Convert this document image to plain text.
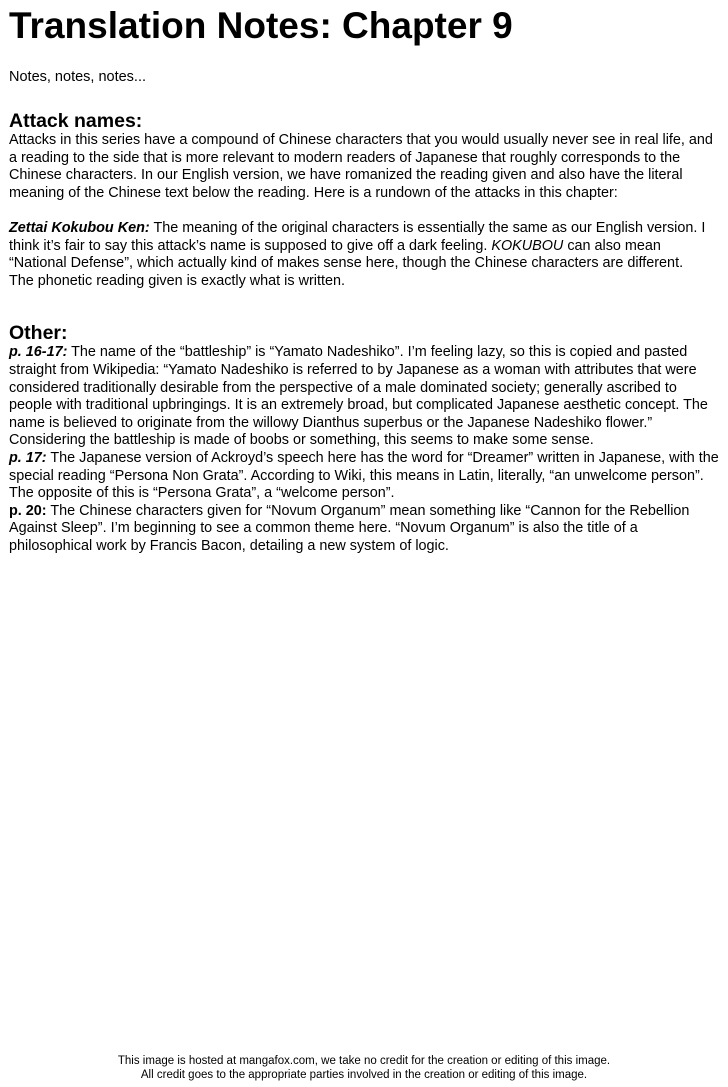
Translation Notes: Chapter 9

Notes, notes, notes...

Attack names:

Attacks in this series have a compound of Chinese characters that you would usually never see in real life, and a reading to the side that is more relevant to modern readers of Japanese that roughly corresponds to the Chinese characters. In our English version, we have romanized the reading given and also have the literal meaning of the Chinese text below the reading. Here is a rundown of the attacks in this chapter:

Zettai Kokubou Ken: The meaning of the original characters is essentially the same as our English version. I think it’s fair to say this attack’s name is supposed to give off a dark feeling. KOKUBOU can also mean “National Defense”, which actually kind of makes sense here, though the Chinese characters are different.

The phonetic reading given is exactly what is written.

Other:

p. 16-17: The name of the “battleship” is “Yamato Nadeshiko”. I’m feeling lazy, so this is copied and pasted straight from Wikipedia: “Yamato Nadeshiko is referred to by Japanese as a woman with attributes that were considered traditionally desirable from the perspective of a male dominated society; generally ascribed to people with traditional upbringings. It is an extremely broad, but complicated Japanese aesthetic concept. The name is believed to originate from the willowy Dianthus superbus or the Japanese Nadeshiko flower.” Considering the battleship is made of boobs or something, this seems to make some sense.

p. 17: The Japanese version of Ackroyd’s speech here has the word for “Dreamer” written in Japanese, with the special reading “Persona Non Grata”. According to Wiki, this means in Latin, literally, “an unwelcome person”. The opposite of this is “Persona Grata”, a “welcome person”.

p. 20: The Chinese characters given for “Novum Organum” mean something like “Cannon for the Rebellion Against Sleep”. I’m beginning to see a common theme here. “Novum Organum” is also the title of a philosophical work by Francis Bacon, detailing a new system of logic.

This image is hosted at mangafox.com, we take no credit for the creation or editing of this image.
All credit goes to the appropriate parties involved in the creation or editing of this image.
